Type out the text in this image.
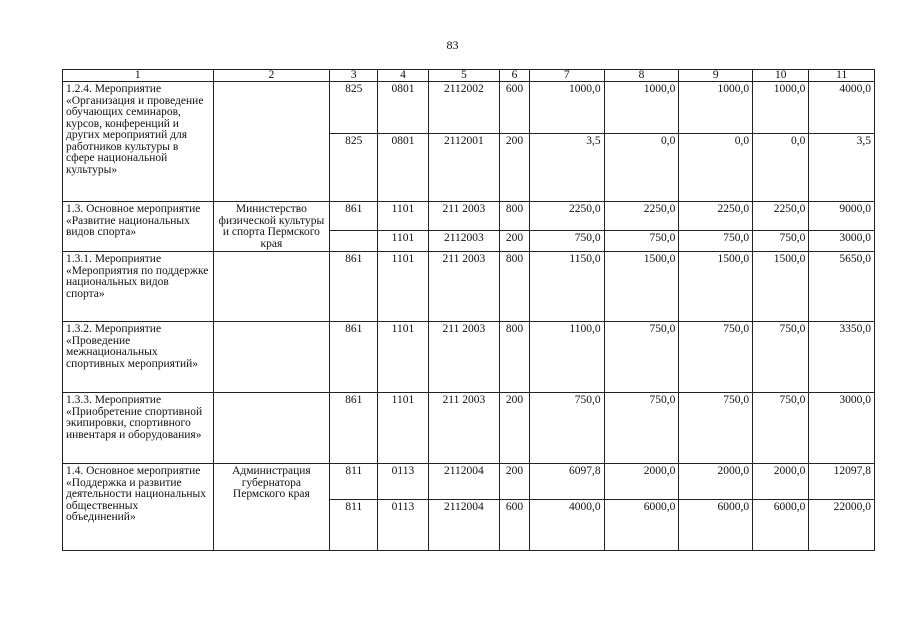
83
1	2	3	4	5	6	7	8	9	10	11
1.2.4. Мероприятие «Организация и проведение обучающих семинаров, курсов, конференций и других мероприятий для работников культуры в сфере национальной культуры»		825	0801	2112002	600	1000,0	1000,0	1000,0	1000,0	4000,0
		825	0801	2112001	200	3,5	0,0	0,0	0,0	3,5
1.3. Основное мероприятие «Развитие национальных видов спорта»	Министерство физической культуры и спорта Пермского края	861	1101	211 2003	800	2250,0	2250,0	2250,0	2250,0	9000,0
			1101	2112003	200	750,0	750,0	750,0	750,0	3000,0
1.3.1. Мероприятие «Мероприятия по поддержке национальных видов спорта»		861	1101	211 2003	800	1150,0	1500,0	1500,0	1500,0	5650,0
1.3.2. Мероприятие «Проведение межнациональных спортивных мероприятий»		861	1101	211 2003	800	1100,0	750,0	750,0	750,0	3350,0
1.3.3. Мероприятие «Приобретение спортивной экипировки, спортивного инвентаря и оборудования»		861	1101	211 2003	200	750,0	750,0	750,0	750,0	3000,0
1.4. Основное мероприятие «Поддержка и развитие деятельности национальных общественных объединений»	Администрация губернатора Пермского края	811	0113	2112004	200	6097,8	2000,0	2000,0	2000,0	12097,8
		811	0113	2112004	600	4000,0	6000,0	6000,0	6000,0	22000,0
